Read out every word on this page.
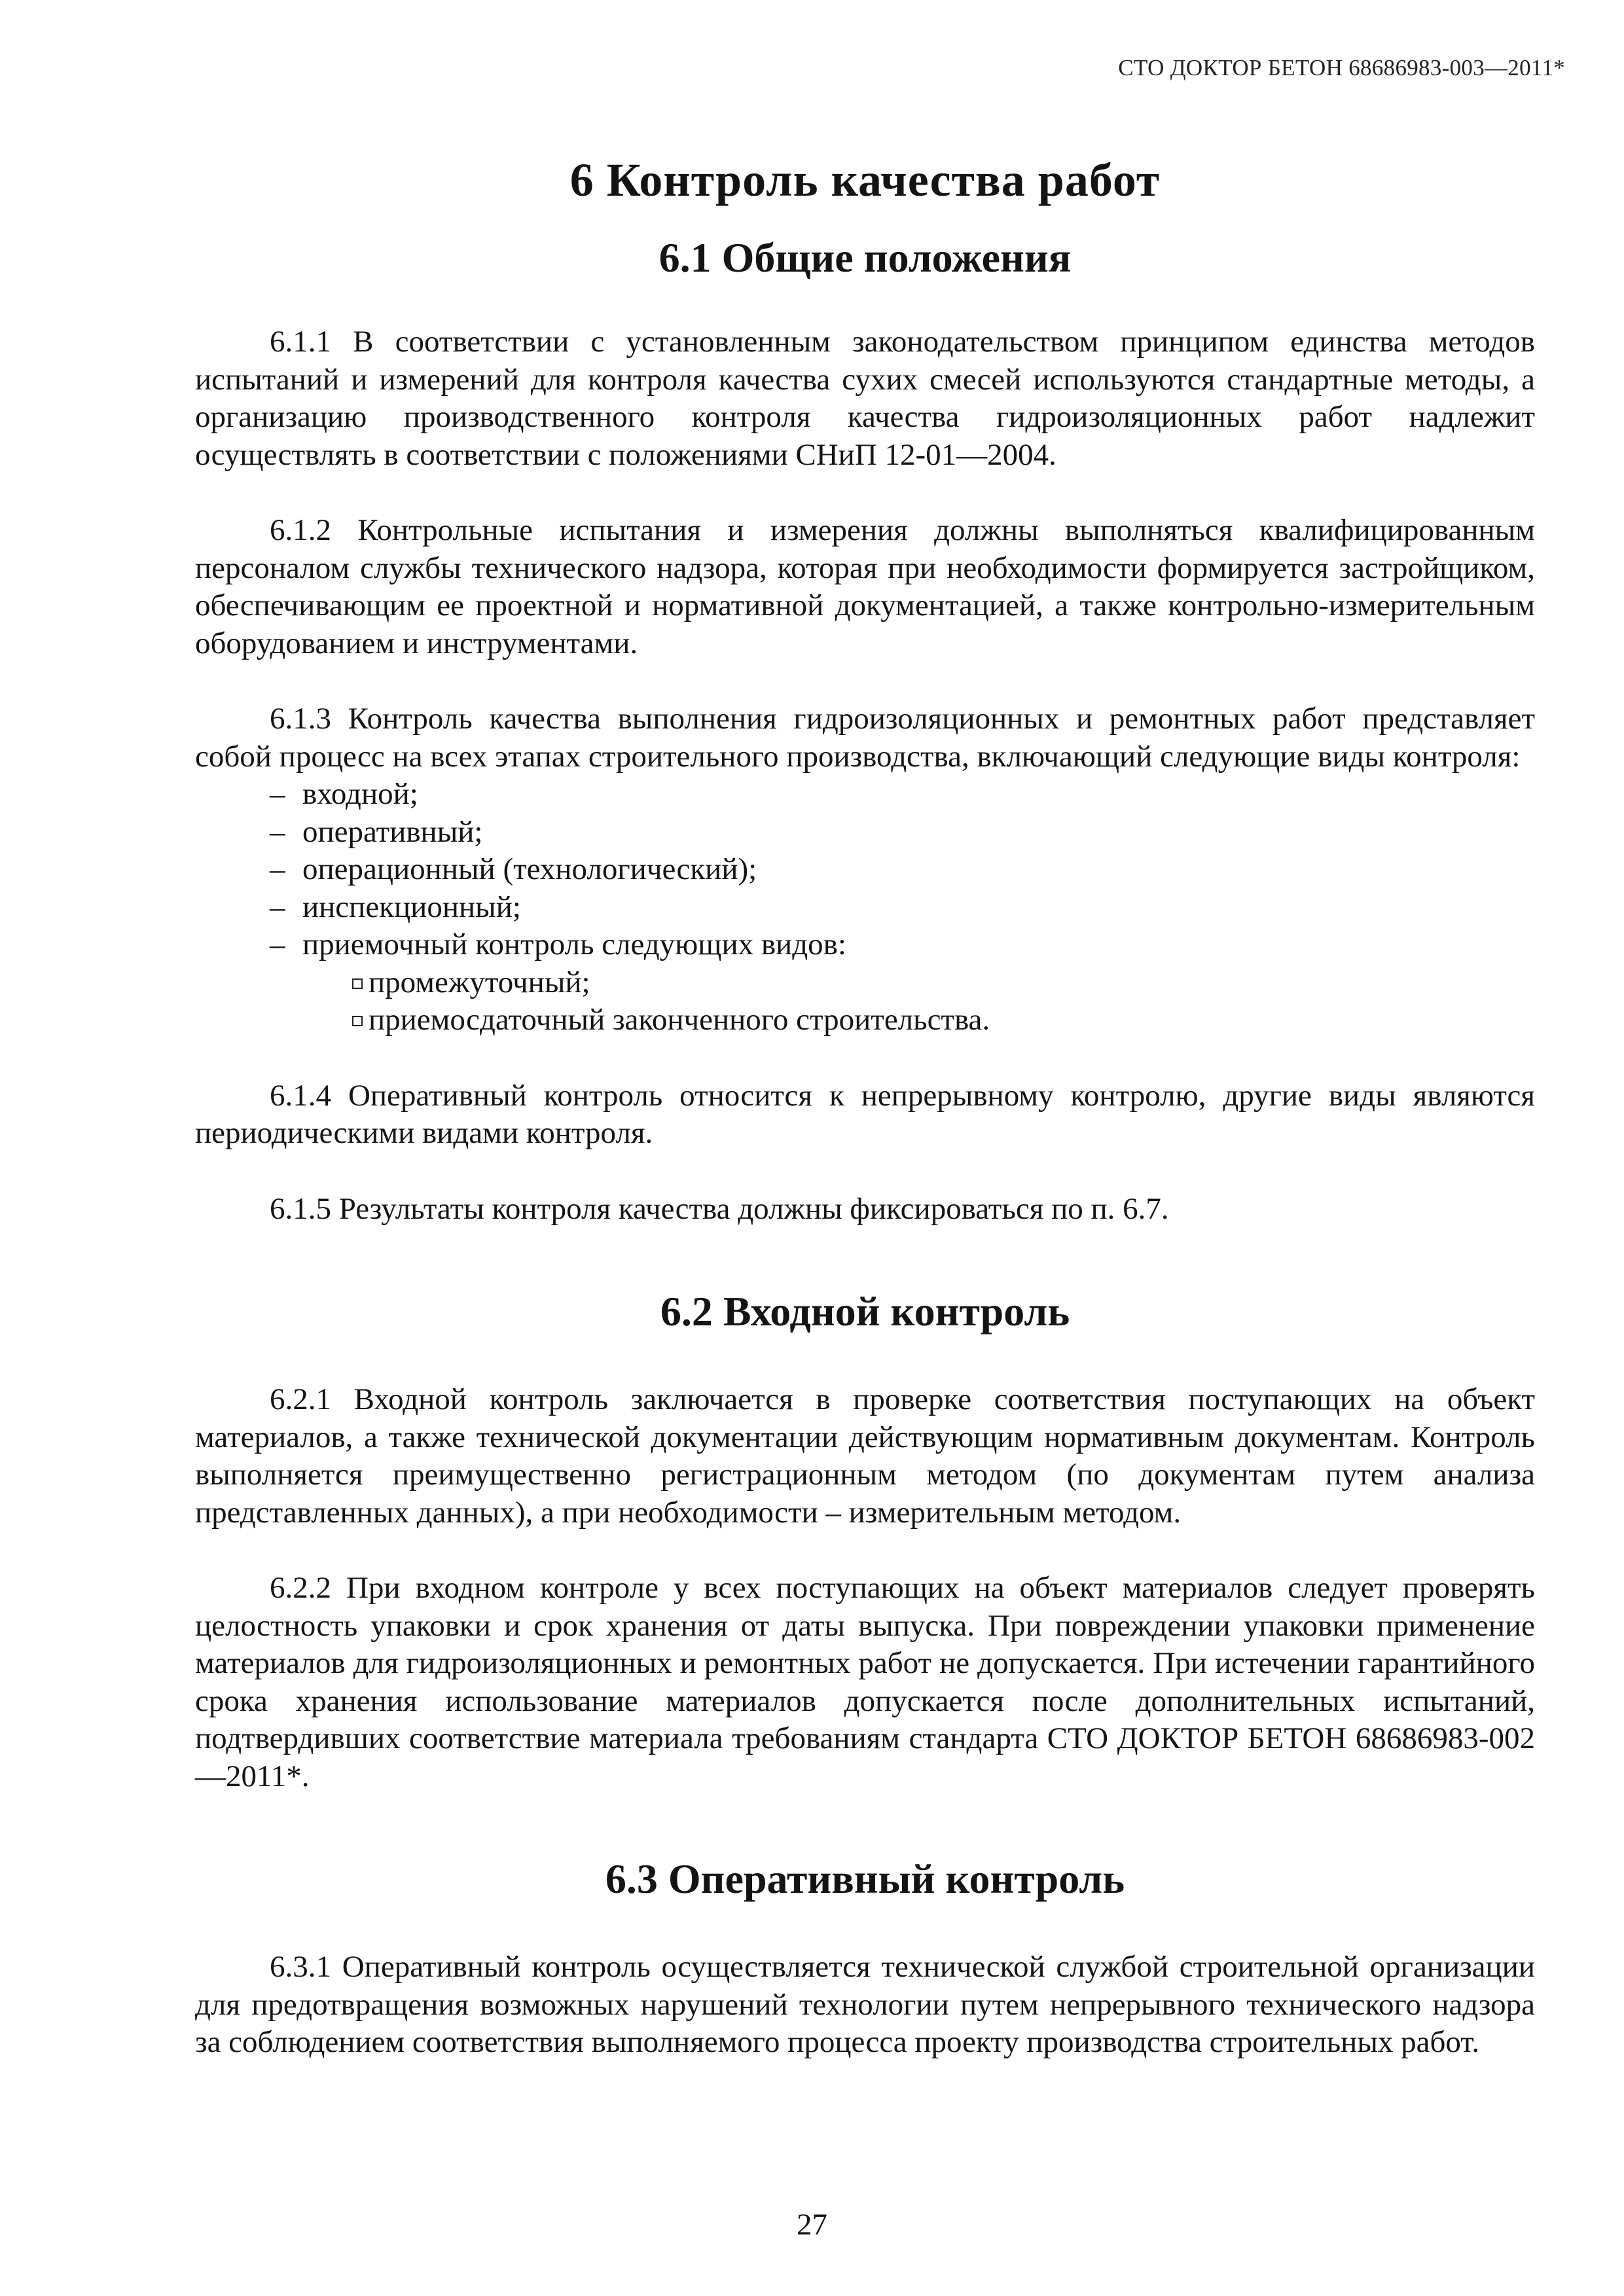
СТО ДОКТОР БЕТОН 68686983-003—2011*
6 Контроль качества работ
6.1 Общие положения

6.1.1 В соответствии с установленным законодательством принципом единства методов испытаний и измерений для контроля качества сухих смесей используются стандартные методы, а организацию производственного контроля качества гидроизоляционных работ надлежит осуществлять в соответствии с положениями СНиП 12-01—2004.

6.1.2 Контрольные испытания и измерения должны выполняться квалифицированным персоналом службы технического надзора, которая при необходимости формируется застройщиком, обеспечивающим ее проектной и нормативной документацией, а также контрольно-измерительным оборудованием и инструментами.

6.1.3 Контроль качества выполнения гидроизоляционных и ремонтных работ представляет собой процесс на всех этапах строительного производства, включающий следующие виды контроля:

– входной;
– оперативный;
– операционный (технологический);
– инспекционный;
– приемочный контроль следующих видов:
промежуточный;
приемосдаточный законченного строительства.

6.1.4 Оперативный контроль относится к непрерывному контролю, другие виды являются периодическими видами контроля.

6.1.5 Результаты контроля качества должны фиксироваться по п. 6.7.

6.2 Входной контроль

6.2.1 Входной контроль заключается в проверке соответствия поступающих на объект материалов, а также технической документации действующим нормативным документам. Контроль выполняется преимущественно регистрационным методом (по документам путем анализа представленных данных), а при необходимости – измерительным методом.

6.2.2 При входном контроле у всех поступающих на объект материалов следует проверять целостность упаковки и срок хранения от даты выпуска. При повреждении упаковки применение материалов для гидроизоляционных и ремонтных работ не допускается. При истечении гарантийного срока хранения использование материалов допускается после дополнительных испытаний, подтвердивших соответствие материала требованиям стандарта СТО ДОКТОР БЕТОН 68686983-002—2011*.

6.3 Оперативный контроль

6.3.1 Оперативный контроль осуществляется технической службой строительной организации для предотвращения возможных нарушений технологии путем непрерывного технического надзора за соблюдением соответствия выполняемого процесса проекту производства строительных работ.

27
